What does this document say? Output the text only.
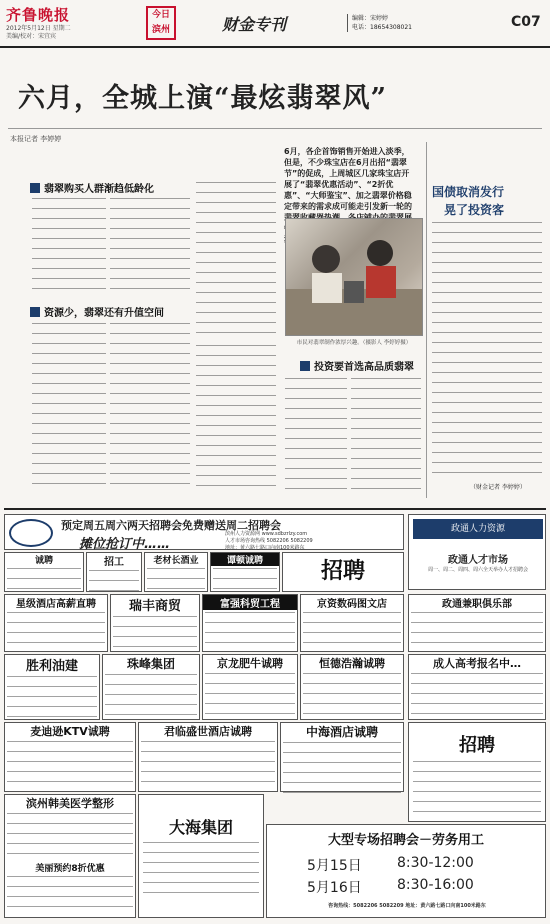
齐鲁晚报
2012年5月12日 星期二
美编/校对：宋宜宾
今日
滨州	财金专刊	编辑：宋婷婷
电话：18654308021	C07
六月，全城上演“最炫翡翠风”
本报记者 李婷婷
翡翠购买人群渐趋低龄化
资源少，翡翠还有升值空间
6月，各企首饰销售开始进入淡季，但是，不少珠宝店在6月出招“翡翠节”的促成，上周城区几家珠宝店开展了“翡翠优惠活动”、“2折优惠”、“大师鉴宝”、加之翡翠价格稳定带来的需求成可能走引发新一轮的
市民对翡翠制作浓厚兴趣。（摄影人 李婷婷摄）
投资要首选高品质翡翠
国债取消发行
晃了投资客
（财金记者 李婷婷）
预定周五周六两天招聘会免费赠送周二招聘会
摊位抢订中……
滨州人力资源网 www.sdbzrlzy.com
人才市场咨询热线 5082206 5082209
地址：黄六路七路口向南100米路东
政通人力资源
政通人才市场
周一、周二、周四、周六全天举办人才招聘会
诚聘	招工	老材长酒业	谭顿诚聘	招聘
星级酒店高薪直聘	瑞丰商贸	富强科贸工程	京资数码图文店	政通兼职俱乐部
胜利油建	珠峰集团	京龙肥牛诚聘	恒德浩瀚诚聘	成人高考报名中…
麦迪逊KTV诚聘	君临盛世酒店诚聘	中海酒店诚聘
招聘
滨州韩美医学整形
美丽预约8折优惠
大海集团
大型专场招聘会－劳务用工
5月15日	8:30-12:00
5月16日	8:30-16:00
咨询热线：5082206 5082209 地址：黄六路七路口向南100米路东
